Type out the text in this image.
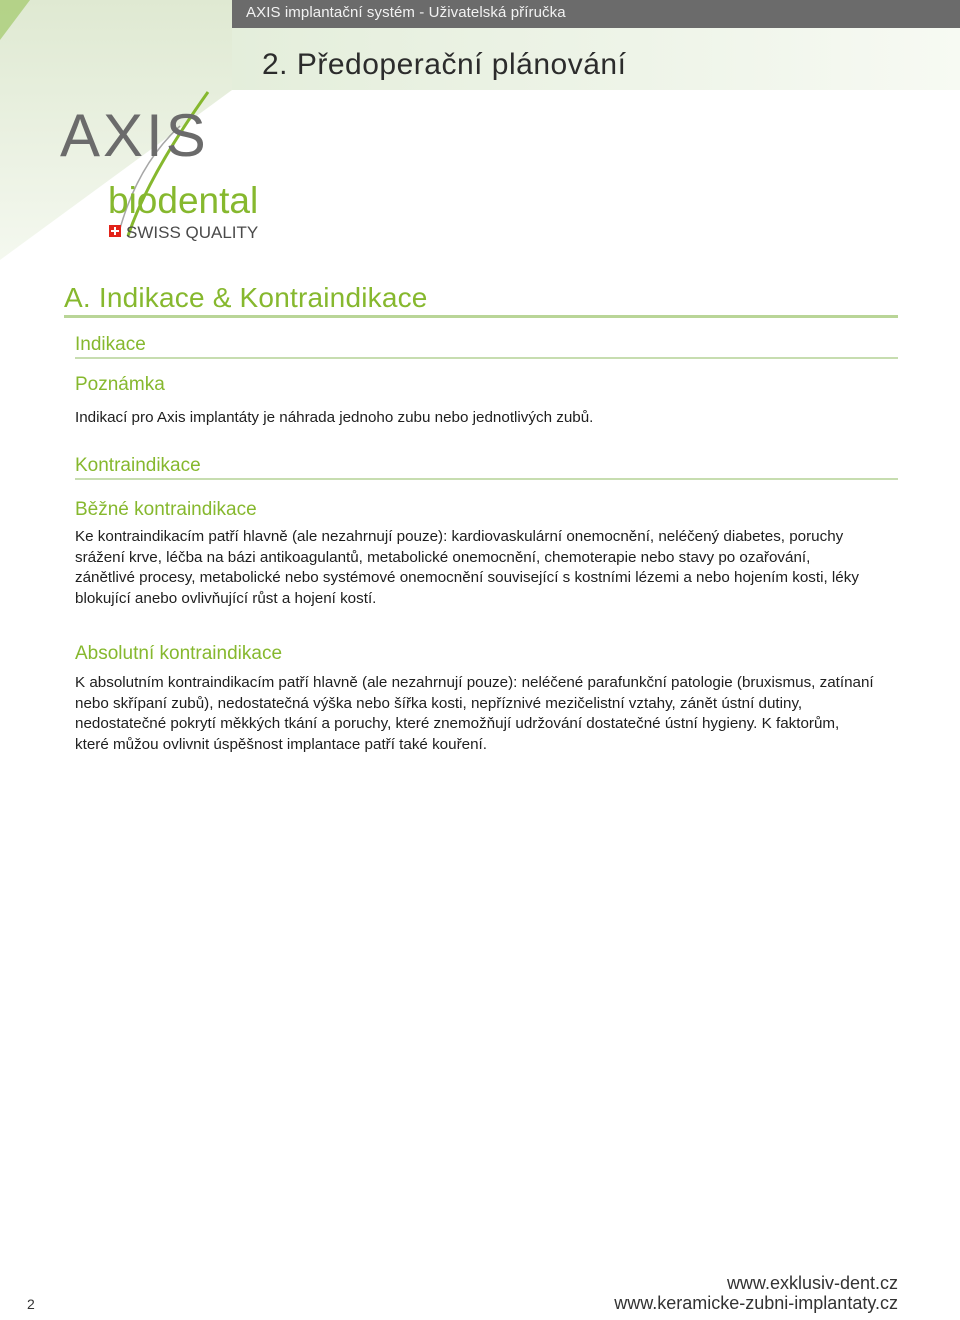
AXIS implantační systém - Uživatelská příručka
2. Předoperační plánování
AXIS
biodental
SWISS QUALITY
A. Indikace & Kontraindikace
Indikace
Poznámka
Indikací pro Axis implantáty je náhrada jednoho zubu nebo jednotlivých zubů.
Kontraindikace
Běžné kontraindikace
Ke kontraindikacím patří hlavně (ale nezahrnují pouze): kardiovaskulární onemocnění, neléčený diabetes, poruchy srážení krve, léčba na bázi antikoagulantů, metabolické onemocnění, chemoterapie nebo stavy po ozařování, zánětlivé procesy, metabolické nebo systémové onemocnění související s kostními lézemi a nebo hojením kosti, léky blokující anebo ovlivňující růst a hojení kostí.
Absolutní kontraindikace
K absolutním kontraindikacím patří hlavně (ale nezahrnují pouze): neléčené parafunkční patologie (bruxismus, zatínaní nebo skřípaní zubů), nedostatečná výška nebo šířka kosti, nepříznivé mezičelistní vztahy, zánět ústní dutiny, nedostatečné pokrytí měkkých tkání a poruchy, které znemožňují udržování dostatečné ústní hygieny. K faktorům, které můžou ovlivnit úspěšnost implantace patří také kouření.
2
www.exklusiv-dent.cz
www.keramicke-zubni-implantaty.cz
